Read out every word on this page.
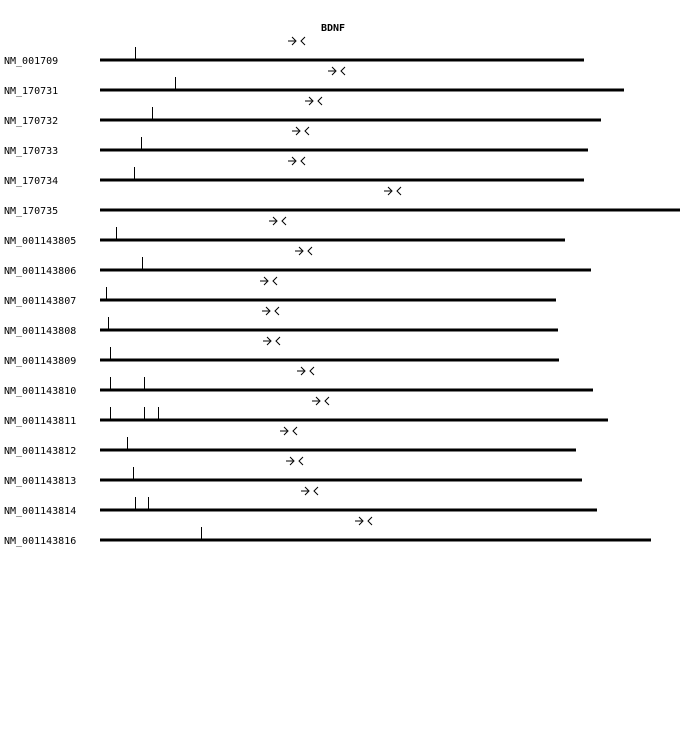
BDNF
NM_001709
NM_170731
NM_170732
NM_170733
NM_170734
NM_170735
NM_001143805
NM_001143806
NM_001143807
NM_001143808
NM_001143809
NM_001143810
NM_001143811
NM_001143812
NM_001143813
NM_001143814
NM_001143816
